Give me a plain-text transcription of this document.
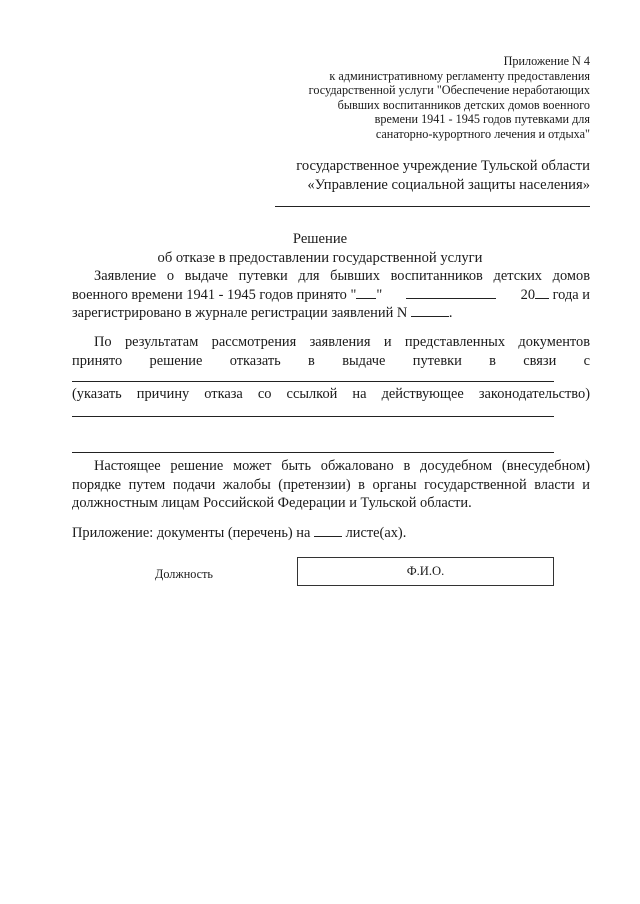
Приложение N 4
к административному регламенту предоставления
государственной услуги "Обеспечение неработающих
бывших воспитанников детских домов военного
времени 1941 - 1945 годов путевками для
санаторно-курортного лечения и отдыха"
государственное учреждение Тульской области
«Управление социальной защиты населения»
Решение
об отказе в предоставлении государственной услуги
Заявление о выдаче путевки для бывших воспитанников детских домов
военного времени 1941 - 1945 годов принято " "	20 года и
зарегистрировано в журнале регистрации заявлений N	.
По результатам рассмотрения заявления и представленных документов
принято решение отказать в выдаче путевки в связи с
(указать причину отказа со ссылкой на действующее законодательство)
Настоящее решение может быть обжаловано в досудебном (внесудебном)
порядке путем подачи жалобы (претензии) в органы государственной власти и
должностным лицам Российской Федерации и Тульской области.
Приложение: документы (перечень) на листе(ах).
Должность	Ф.И.О.
